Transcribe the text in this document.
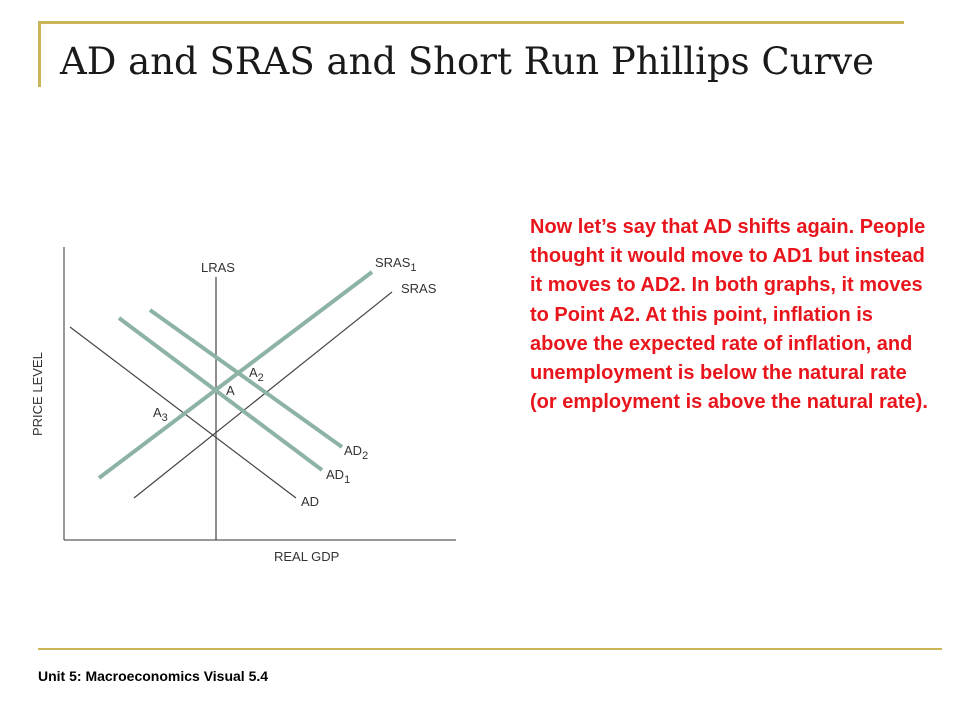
AD and SRAS and Short Run Phillips Curve
PRICE LEVEL
REAL GDP
LRAS	$SRAS_1$
SRAS
$AD_2$
$AD_1$
AD
A
$A_2$
$A_3$
Now let’s say that AD shifts again. People thought it would move to AD1 but instead it moves to AD2. In both graphs, it moves to Point A2. At this point, inflation is above the expected rate of inflation, and unemployment is below the natural rate (or employment is above the natural rate).
Unit 5: Macroeconomics Visual 5.4
